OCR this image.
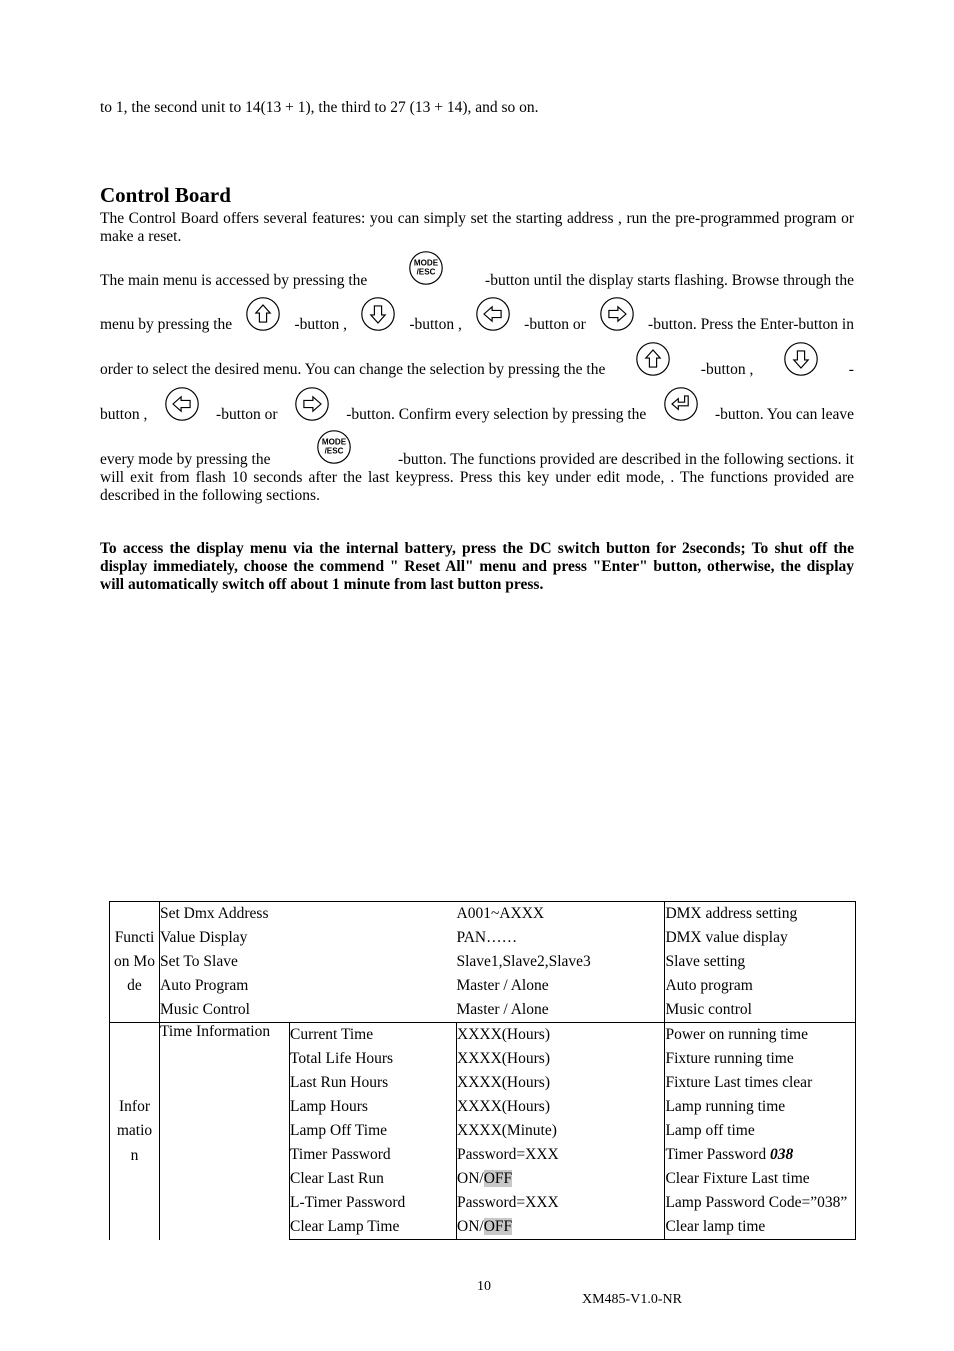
to 1, the second unit to 14(13 + 1), the third to 27 (13 + 14), and so on.
Control Board
The Control Board offers several features: you can simply set the starting address , run the pre-programmed program or make a reset.
The main menu is accessed by pressing the
MODE
/ESC
-button until the display starts flashing. Browse through the
menu by pressing the	-button ,	-button ,	-button or	-button. Press the Enter-button in
order to select the desired menu. You can change the selection by pressing the the	-button ,	-
button ,	-button or	-button. Confirm every selection by pressing the	-button. You can leave
every mode by pressing the
MODE
/ESC
-button. The functions provided are described in the following sections. it
will exit from flash 10 seconds after the last keypress. Press this key under edit mode, . The functions provided are described in the following sections.
To access the display menu via the internal battery, press the DC switch button for 2seconds; To shut off the display immediately, choose the commend " Reset All" menu and press "Enter" button, otherwise, the display will automatically switch off about 1 minute from last button press.
Function Mode	Set Dmx Address		A001~AXXX	DMX address setting
	Value Display		PAN……	DMX value display
	Set To Slave		Slave1,Slave2,Slave3	Slave setting
	Auto Program		Master / Alone	Auto program
	Music Control		Master / Alone	Music control
Information	Time Information	Current Time	XXXX(Hours)	Power on running time
		Total Life Hours	XXXX(Hours)	Fixture running time
		Last Run Hours	XXXX(Hours)	Fixture Last times clear
		Lamp Hours	XXXX(Hours)	Lamp running time
		Lamp Off Time	XXXX(Minute)	Lamp off time
		Timer Password	Password=XXX	Timer Password 038
		Clear Last Run	ON/OFF	Clear Fixture Last time
		L-Timer Password	Password=XXX	Lamp Password Code=”038”
		Clear Lamp Time	ON/OFF	Clear lamp time
10
XM485-V1.0-NR
